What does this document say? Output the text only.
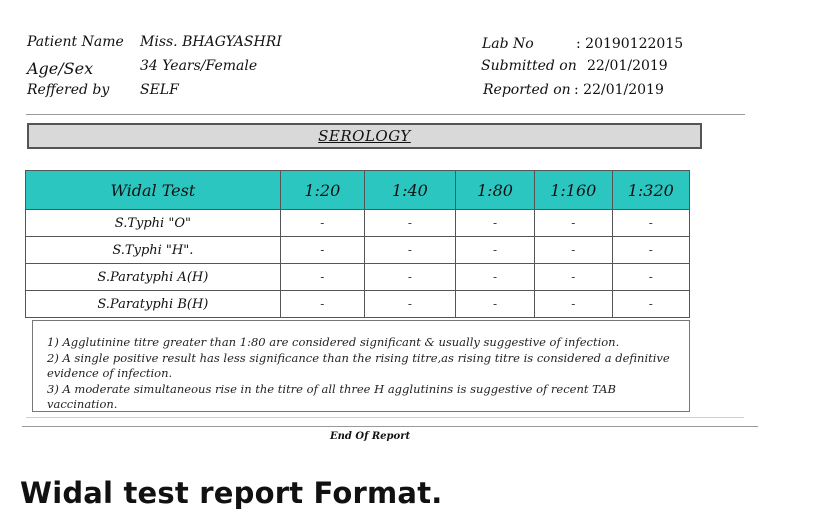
Patient Name Miss. BHAGYASHRI
Age/Sex	34 Years/Female
Reffered by SELF
Lab No	: 20190122015
Submitted on 22/01/2019
Reported on : 22/01/2019
SEROLOGY
Widal Test	1:20	1:40	1:80	1:160	1:320
S.Typhi "O"	-	-	-	-	-
S.Typhi "H".	-	-	-	-	-
S.Paratyphi A(H)	-	-	-	-	-
S.Paratyphi B(H)	-	-	-	-	-
1) Agglutinine titre greater than 1:80 are considered significant & usually suggestive of infection.
2) A single positive result has less significance than the rising titre,as rising titre is considered a definitive evidence of infection.
3) A moderate simultaneous rise in the titre of all three H agglutinins is suggestive of recent TAB vaccination.
End Of Report
Widal test report Format.
